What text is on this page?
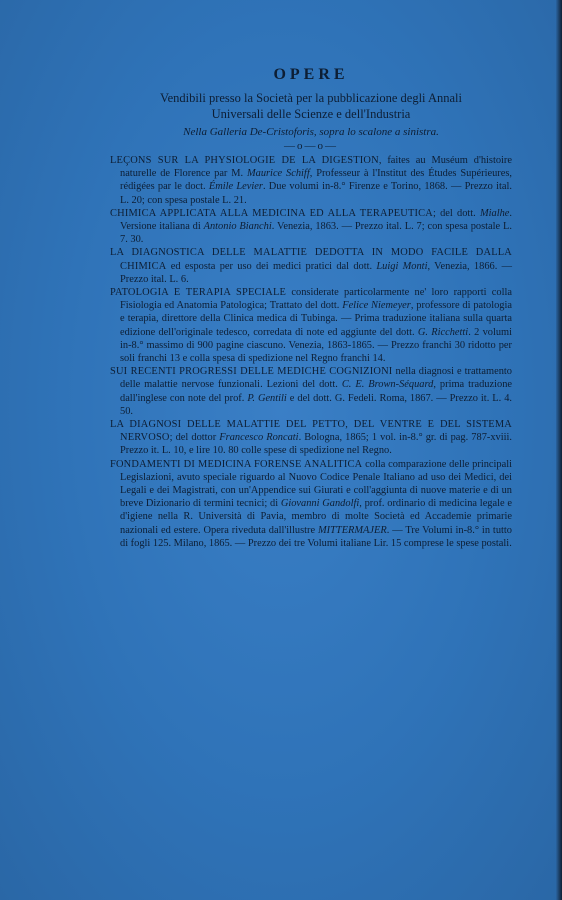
OPERE

Vendibili presso la Società per la pubblicazione degli Annali

Universali delle Scienze e dell'Industria

Nella Galleria De-Cristoforis, sopra lo scalone a sinistra.

—o—o—

LEÇONS SUR LA PHYSIOLOGIE DE LA DIGESTION, faites au Muséum d'histoire naturelle de Florence par M. Maurice Schiff, Professeur à l'Institut des Études Supérieures, rédigées par le doct. Émile Levier. Due volumi in-8.° Firenze e Torino, 1868. — Prezzo ital. L. 20; con spesa postale L. 21.

CHIMICA APPLICATA ALLA MEDICINA ED ALLA TERAPEUTICA; del dott. Mialhe. Versione italiana di Antonio Bianchi. Venezia, 1863. — Prezzo ital. L. 7; con spesa postale L. 7. 30.

LA DIAGNOSTICA DELLE MALATTIE DEDOTTA IN MODO FACILE DALLA CHIMICA ed esposta per uso dei medici pratici dal dott. Luigi Monti, Venezia, 1866. — Prezzo ital. L. 6.

PATOLOGIA E TERAPIA SPECIALE considerate particolarmente ne' loro rapporti colla Fisiologia ed Anatomia Patologica; Trattato del dott. Felice Niemeyer, professore di patologia e terapia, direttore della Clinica medica di Tubinga. — Prima traduzione italiana sulla quarta edizione dell'originale tedesco, corredata di note ed aggiunte del dott. G. Ricchetti. 2 volumi in-8.° massimo di 900 pagine ciascuno. Venezia, 1863-1865. — Prezzo franchi 30 ridotto per soli franchi 13 e colla spesa di spedizione nel Regno franchi 14.

SUI RECENTI PROGRESSI DELLE MEDICHE COGNIZIONI nella diagnosi e trattamento delle malattie nervose funzionali. Lezioni del dott. C. E. Brown-Séquard, prima traduzione dall'inglese con note del prof. P. Gentili e del dott. G. Fedeli. Roma, 1867. — Prezzo it. L. 4. 50.

LA DIAGNOSI DELLE MALATTIE DEL PETTO, DEL VENTRE E DEL SISTEMA NERVOSO; del dottor Francesco Roncati. Bologna, 1865; 1 vol. in-8.° gr. di pag. 787-xviii. Prezzo it. L. 10, e lire 10. 80 colle spese di spedizione nel Regno.

FONDAMENTI DI MEDICINA FORENSE ANALITICA colla comparazione delle principali Legislazioni, avuto speciale riguardo al Nuovo Codice Penale Italiano ad uso dei Medici, dei Legali e dei Magistrati, con un'Appendice sui Giurati e coll'aggiunta di nuove materie e di un breve Dizionario di termini tecnici; di Giovanni Gandolfi, prof. ordinario di medicina legale e d'igiene nella R. Università di Pavia, membro di molte Società ed Accademie primarie nazionali ed estere. Opera riveduta dall'illustre MITTERMAJER. — Tre Volumi in-8.° in tutto di fogli 125. Milano, 1865. — Prezzo dei tre Volumi italiane Lir. 15 comprese le spese postali.
